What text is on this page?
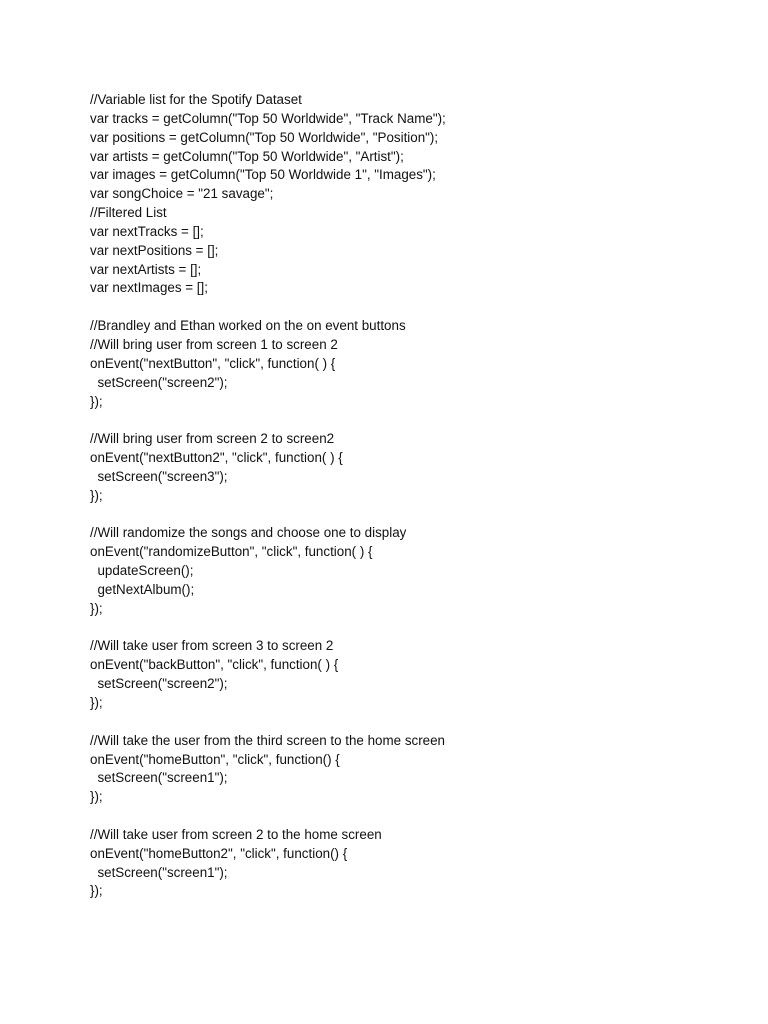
//Variable list for the Spotify Dataset
var tracks = getColumn("Top 50 Worldwide", "Track Name");
var positions = getColumn("Top 50 Worldwide", "Position");
var artists = getColumn("Top 50 Worldwide", "Artist");
var images = getColumn("Top 50 Worldwide 1", "Images");
var songChoice = "21 savage";
//Filtered List
var nextTracks = [];
var nextPositions = [];
var nextArtists = [];
var nextImages = [];
//Brandley and Ethan worked on the on event buttons
//Will bring user from screen 1 to screen 2
onEvent("nextButton", "click", function( ) {
setScreen("screen2");
});
//Will bring user from screen 2 to screen2
onEvent("nextButton2", "click", function( ) {
setScreen("screen3");
});
//Will randomize the songs and choose one to display
onEvent("randomizeButton", "click", function( ) {
updateScreen();
getNextAlbum();
});
//Will take user from screen 3 to screen 2
onEvent("backButton", "click", function( ) {
setScreen("screen2");
});
//Will take the user from the third screen to the home screen
onEvent("homeButton", "click", function() {
setScreen("screen1");
});
//Will take user from screen 2 to the home screen
onEvent("homeButton2", "click", function() {
setScreen("screen1");
});
